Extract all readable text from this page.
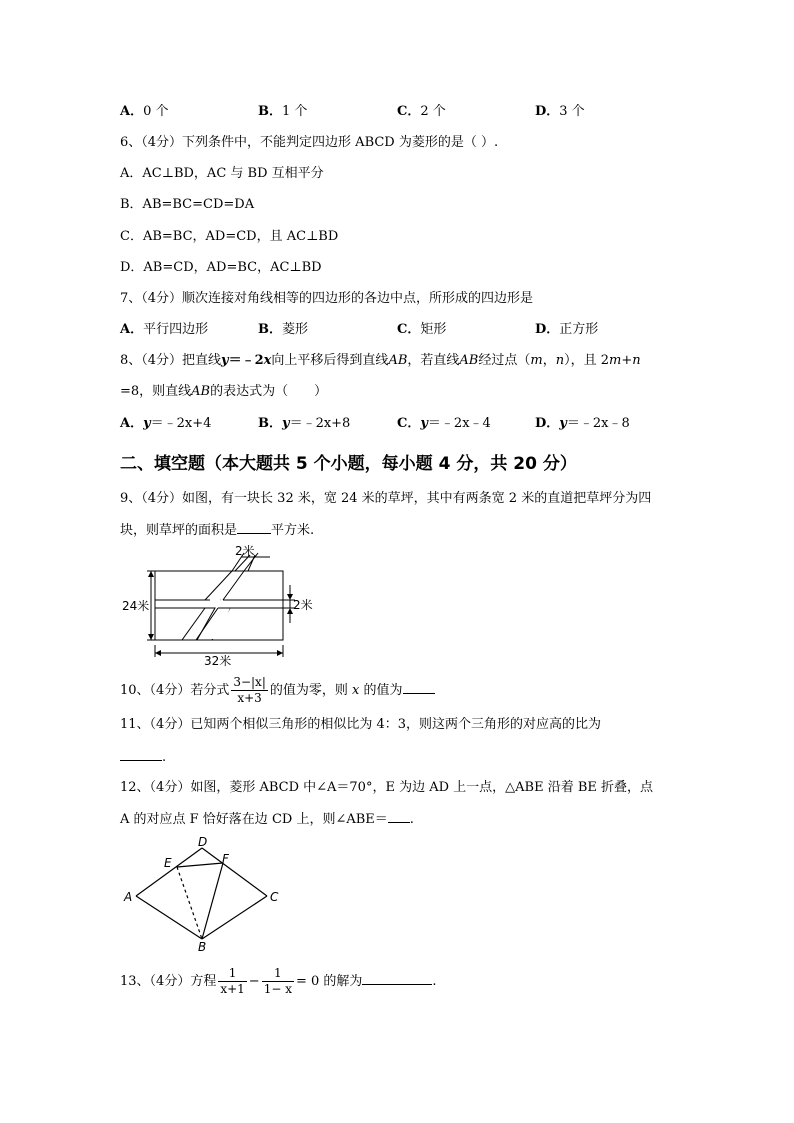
A．0 个	B．1 个	C．2 个	D．3 个
6、（4分）下列条件中，不能判定四边形 ABCD 为菱形的是（ ）.
A．AC⊥BD，AC 与 BD 互相平分
B．AB=BC=CD=DA
C．AB=BC，AD=CD，且 AC⊥BD
D．AB=CD，AD=BC，AC⊥BD
7、（4分）顺次连接对角线相等的四边形的各边中点，所形成的四边形是
A．平行四边形	B．菱形	C．矩形	D．正方形
8、（4分）把直线y＝﹣2x向上平移后得到直线AB，若直线AB经过点（m，n），且 2m+n
=8，则直线AB的表达式为（　　）
A．y＝﹣2x+4	B．y＝﹣2x+8	C．y＝﹣2x﹣4	D．y＝﹣2x﹣8
二、填空题（本大题共 5 个小题，每小题 4 分，共 20 分）
9、（4分）如图，有一块长 32 米，宽 24 米的草坪，其中有两条宽 2 米的直道把草坪分为四
块，则草坪的面积是	平方米.
2米
2米
24米
32米
10、（4分）若分式 $\frac{3-|x|}{x+3}$ 的值为零，则 x 的值为
11、（4分）已知两个相似三角形的相似比为 4：3，则这两个三角形的对应高的比为
.
12、（4分）如图，菱形 ABCD 中∠A＝70°，E 为边 AD 上一点，△ABE 沿着 BE 折叠，点
A 的对应点 F 恰好落在边 CD 上，则∠ABE＝ .
A
B
C
D
E	F
13、（4分）方程 $\frac{1}{x+1} - \frac{1}{1- x} = 0$ 的解为	.
